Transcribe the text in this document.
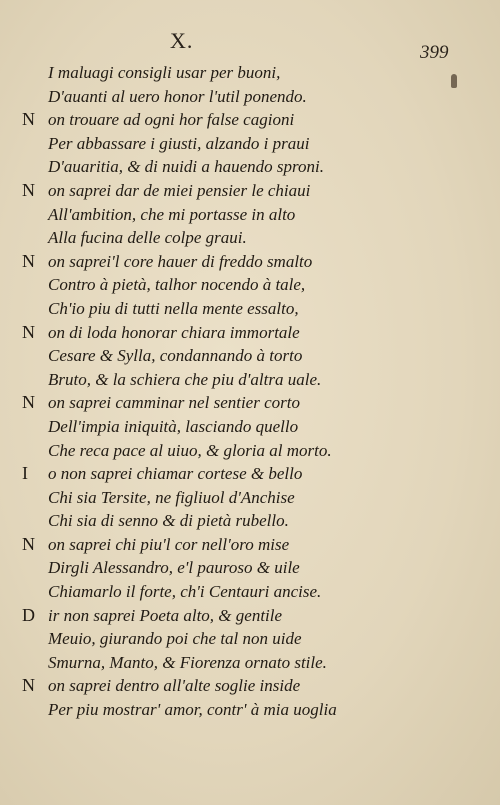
X.	399
I maluagi consigli usar per buoni,
D'auanti al uero honor l'util ponendo.
N on trouare ad ogni hor false cagioni
Per abbassare i giusti, alzando i praui
D'auaritia, & di nuidi a hauendo sproni.
N on saprei dar de miei pensier le chiaui
All'ambition, che mi portasse in alto
Alla fucina delle colpe graui.
N on saprei'l core hauer di freddo smalto
Contro à pietà, talhor nocendo à tale,
Ch'io piu di tutti nella mente essalto,
N on di loda honorar chiara immortale
Cesare & Sylla, condannando à torto
Bruto, & la schiera che piu d'altra uale.
N on saprei camminar nel sentier corto
Dell'impia iniquità, lasciando quello
Che reca pace al uiuo, & gloria al morto.
I o non saprei chiamar cortese & bello
Chi sia Tersite, ne figliuol d'Anchise
Chi sia di senno & di pietà rubello.
N on saprei chi piu'l cor nell'oro mise
Dirgli Alessandro, e'l pauroso & uile
Chiamarlo il forte, ch'i Centauri ancise.
D ir non saprei Poeta alto, & gentile
Meuio, giurando poi che tal non uide
Smurna, Manto, & Fiorenza ornato stile.
N on saprei dentro all'alte soglie inside
Per piu mostrar' amor, contr' à mia uoglia
